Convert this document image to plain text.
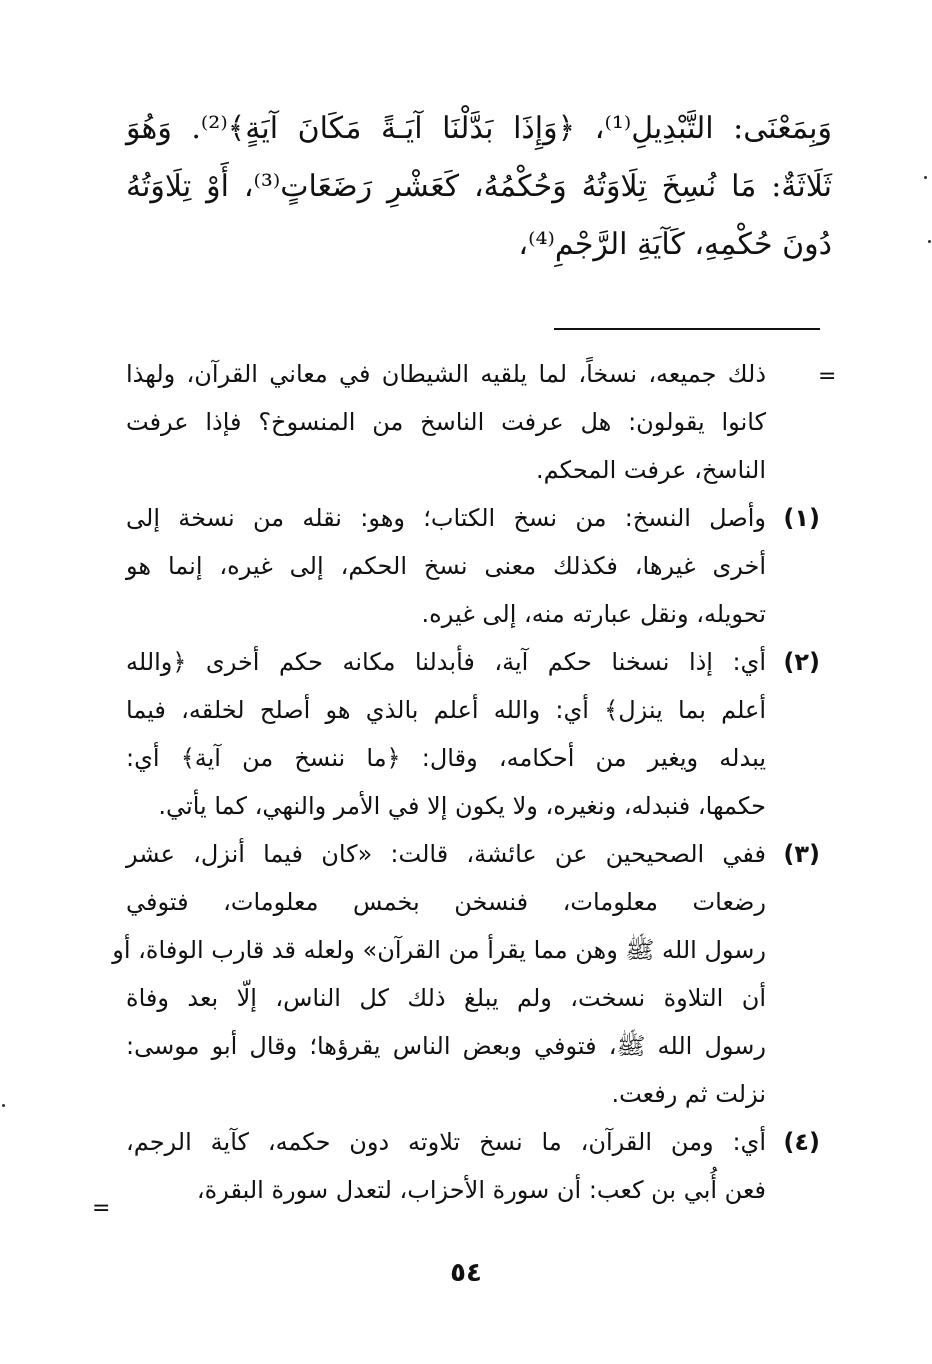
وَبِمَعْنَى: التَّبْدِيلِ⁽¹⁾، ﴿وَإِذَا بَدَّلْنَا آيَـةً مَكَانَ آيَةٍ﴾⁽²⁾. وَهُوَ
ثَلَاثَةٌ: مَا نُسِخَ تِلَاوَتُهُ وَحُكْمُهُ، كَعَشْرِ رَضَعَاتٍ⁽³⁾، أَوْ تِلَاوَتُهُ
دُونَ حُكْمِهِ، كَآيَةِ الرَّجْمِ⁽⁴⁾،
=
=
ذلك جميعه، نسخاً، لما يلقيه الشيطان في معاني القرآن، ولهذا
كانوا يقولون: هل عرفت الناسخ من المنسوخ؟ فإذا عرفت
الناسخ، عرفت المحكم.
(١)
وأصل النسخ: من نسخ الكتاب؛ وهو: نقله من نسخة إلى
أخرى غيرها، فكذلك معنى نسخ الحكم، إلى غيره، إنما هو
تحويله، ونقل عبارته منه، إلى غيره.
(٢)
أي: إذا نسخنا حكم آية، فأبدلنا مكانه حكم أخرى ﴿والله
أعلم بما ينزل﴾ أي: والله أعلم بالذي هو أصلح لخلقه، فيما
يبدله ويغير من أحكامه، وقال: ﴿ما ننسخ من آية﴾ أي:
حكمها، فنبدله، ونغيره، ولا يكون إلا في الأمر والنهي، كما يأتي.
(٣)
ففي الصحيحين عن عائشة، قالت: «كان فيما أنزل، عشر
رضعات معلومات، فنسخن بخمس معلومات، فتوفي
رسول الله ﷺ وهن مما يقرأ من القرآن» ولعله قد قارب الوفاة، أو
أن التلاوة نسخت، ولم يبلغ ذلك كل الناس، إلّا بعد وفاة
رسول الله ﷺ، فتوفي وبعض الناس يقرؤها؛ وقال أبو موسى:
نزلت ثم رفعت.
(٤)
أي: ومن القرآن، ما نسخ تلاوته دون حكمه، كآية الرجم،
فعن أُبي بن كعب: أن سورة الأحزاب، لتعدل سورة البقرة،
٥٤
